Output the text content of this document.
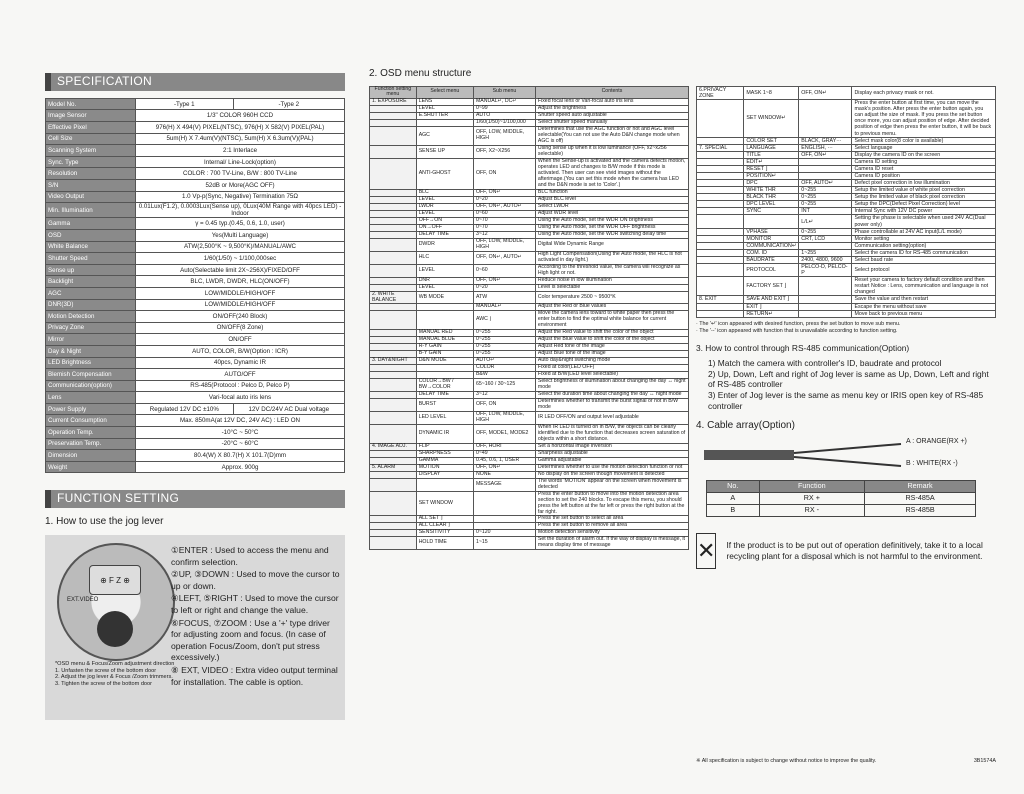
SPECIFICATION
Model No.	-Type 1	-Type 2
Image Sensor	1/3" COLOR 960H CCD	
Effective Pixel	976(H) X 494(V) PIXEL(NTSC), 976(H) X 582(V) PIXEL(PAL)	
Cell Size	5um(H) X 7.4um(V)(NTSC), 5um(H) X 6.3um(V)(PAL)	
Scanning System	2:1 Interlace	
Sync. Type	Internal/ Line-Lock(option)	
Resolution	COLOR : 700 TV-Line, B/W : 800 TV-Line	
S/N	52dB or More(AGC OFF)	
Video Output	1.0 Vp-p(Sync, Negative) Termination 75Ω	
Min. Illumination	0.01Lux(F1.2), 0.0003Lux(Sense up), 0Lux(40M Range with 40pcs LED) - Indoor	
Gamma	γ = 0.45 typ.(0.45, 0.6, 1.0, user)	
OSD	Yes(Multi Language)	
White Balance	ATW(2,500°K ~ 9,500°K)/MANUAL/AWC	
Shutter Speed	1/60(1/50) ~ 1/100,000sec	
Sense up	Auto(Selectable limit 2X~256X)/FIXED/OFF	
Backlight	BLC, LWDR, DWDR, HLC(ON/OFF)	
AGC	LOW/MIDDLE/HIGH/OFF	
DNR(3D)	LOW/MIDDLE/HIGH/OFF	
Motion Detection	ON/OFF(240 Block)	
Privacy Zone	ON/OFF(8 Zone)	
Mirror	ON/OFF	
Day & Night	AUTO, COLOR, B/W(Option : ICR)	
LED Brightness	40pcs, Dynamic IR	
Blemish Compensation	AUTO/OFF	
Communication(option)	RS-485(Protocol : Pelco D, Pelco P)	
Lens	Vari-focal auto iris lens	
Power Supply	Regulated 12V DC ±10%	12V DC/24V AC Dual voltage
Current Consumption	Max. 850mA(at 12V DC, 24V AC) : LED ON	
Operation Temp.	-10°C ~ 50°C	
Preservation Temp.	-20°C ~ 60°C	
Dimension	80.4(W) X 80.7(H) X 101.7(D)mm	
Weight	Approx. 900g	
FUNCTION SETTING
1. How to use the jog lever
⊕ F Z ⊕
EXT.VIDEO
①ENTER : Used to access the menu and confirm selection.
②UP, ③DOWN : Used to move the cursor to up or down.
④LEFT, ⑤RIGHT : Used to move the cursor to left or right and change the value.
⑥FOCUS, ⑦ZOOM : Use a '+' type driver for adjusting zoom and focus. (In case of operation Focus/Zoom, don't put stress excessively.)
⑧ EXT, VIDEO : Extra video output terminal for installation. The cable is option.
*OSD menu & Focus/Zoom adjustment direction
1. Unfasten the screw of the bottom door
2. Adjust the jog lever & Focus /Zoom trimmers.
3. Tighten the screw of the bottom door
2. OSD menu structure
Function setting menu	Select menu	Sub menu	Contents
1. EXPOSURE	LENS	MANUAL↵, DC↵	Fixed focal lens or Vari-focal auto iris lens
	LEVEL	0~99	Adjust the brightness
	E.SHUTTER	AUTO	Shutter speed auto adjustable
		1/60(1/50)~1/100,000	Select shutter speed manually
	AGC	OFF, LOW, MIDDLE, HIGH	Determines that use the AGC function or not and AGC level selectable(You can not use the Auto D&N change mode when AGC is off)
	SENSE UP	OFF, X2~X256	Using sense up when it is low luminance (OFF, x2~x256 selectable)
	ANTI-GHOST	OFF, ON	When the Sense-up is activated and the camera detects motion, operates LED and changes to B/W mode if this mode is activated. Then user can see vivid images without the afterimage.(You can set this mode when the camera has LED and the D&N mode is set to 'Color'.)
	BLC	OFF, ON↵	BLC function
	LEVEL	0~20	Adjust BLC level
	LWDR	OFF, ON↵, AUTO↵	Select LWDR
	LEVEL	0~60	Adjust WDR level
	OFF→ON	0~70	Using the Auto mode, set the WDR ON brightness
	ON→OFF	0~70	Using the Auto mode, set the WDR OFF brightness
	DELAY TIME	3~12	Using the Auto mode, set the WDR switching delay time
	DWDR	OFF, LOW, MIDDLE, HIGH	Digital Wide Dynamic Range
	HLC	OFF, ON↵, AUTO↵	High Light Compensation(Using the Auto mode, the HLC is not activated in day light.)
	LEVEL	0~60	According to the threshold value, the camera will recognize as High light or not.
	DNR	OFF, ON↵	Reduce noise in low illumination
	LEVEL	0~20	Level is selectable
2. WHITE BALANCE	WB MODE	ATW	Color temperature 2500 ~ 9500°K
		MANUAL↵	Adjust the Red or Blue values
		AWC ⌋	Move the camera lens toward to white paper then press the enter button to find the optimal white balance for current environment
	MANUAL RED	0~255	Adjust the Red value to shift the color of the object
	MANUAL BLUE	0~255	Adjust the Blue value to shift the color of the object
	R-Y GAIN	0~255	Adjust Red tone of the image
	B-Y GAIN	0~255	Adjust Blue tone of the image
3. DAY&NIGHT	D&N MODE	AUTO↵	Auto day&night switching mode
		COLOR	Fixed at color(LED OFF)
		B&W	Fixed at B/W(LED level selectable)
	COLOR→BW / BW→COLOR	65~160 / 30~125	Select brightness of illumination about changing the day ↔ night mode
	DELAY TIME	3~12	Select the duration time about changing the day ↔ night mode
	BURST	OFF, ON	Determines whether to transmit the burst signal or not in B/W mode
	LED LEVEL	OFF, LOW, MIDDLE, HIGH	IR LED OFF/ON and output level adjustable
	DYNAMIC IR	OFF, MODE1, MODE2	When IR LED is turned on in B/W, the objects can be clearly identified due to the function that decreases screen saturation of objects within a short distance.
4. IMAGE ADJ.	FLIP	OFF, HORI	Set a horizontal image inversion
	SHARPNESS	0~49	Sharpness adjustable
	GAMMA	0.45, 0.6, 1, USER	Gamma adjustable
5. ALARM	MOTION	OFF, ON↵	Determines whether to use the motion detection function or not
	DISPLAY	NONE	No display on the screen though movement is detected
		MESSAGE	The words 'MOTION' appear on the screen when movement is detected
	SET WINDOW		Press the enter button to move into the motion detection area section to set the 240 blocks. To escape this menu, you should press the left button at the far left or press the right button at the far right.
	ALL SET ⌋		Press the set button to select all area
	ALL CLEAR ⌋		Press the set button to remove all area
	SENSITIVITY	0~120	Motion detection sensitivity
	HOLD TIME	1~15	Set the duration of alarm out. If the way of display is message, it means display time of message
6.PRIVACY ZONE	MASK 1~8	OFF, ON↵	Display each privacy mask or not.
	SET WINDOW↵		Press the enter button at first time, you can move the mask's position. After press the enter button again, you can adjust the size of mask. If you press the set button once more, you can adjust position of edge. After decided position of edge then press the enter button, it will be back to previous menu.
	COLOR SET	BLACK, GRAY···	Select mask color(8 color is available)
7. SPECIAL	LANGUAGE	ENGLISH, ···	Select language
	TITLE	OFF, ON↵	Display the camera ID on the screen
	EDIT↵		Camera ID setting
	RESET ⌋		Camera ID reset
	POSITION↵		Camera ID position
	DPC	OFF, AUTO↵	Defect pixel correction in low illumination
	WHITE THR	0~255	Setup the limited value of white pixel correction
	BLACK THR	0~255	Setup the limited value of black pixel correction
	DPC LEVEL	0~255	Setup the DPC(Defect Pixel Correction) level
	SYNC	INT	Internal Sync with 12V DC power
		L/L↵	Setting the phase is selectable when used 24V AC(Dual power only)
	VPHASE	0~255	Phase controllable at 24V AC input(L/L mode)
	MONITOR	CRT, LCD	Monitor setting
	COMMUNICATION↵		Communication setting(option)
	COM. ID	1~255	Select the camera ID for RS-485 communication
	BAUDRATE	2400, 4800, 9600	Select baud rate
	PROTOCOL	PELCO-D, PELCO-P	Select protocol
	FACTORY SET ⌋		Reset your camera to factory default condition and then restart Notice : Lens, communication and language is not changed
8. EXIT	SAVE AND EXIT ⌋		Save the value and then restart
	EXIT ⌋		Escape the menu without save
	RETURN↵		Move back to previous menu
· The '↵' icon appeared with desired function, press the set button to move sub menu.
· The '--' icon appeared with function that is unavailable according to function setting.
3. How to control through RS-485 communication(Option)
1) Match the camera with controller's ID, baudrate and protocol
2) Up, Down, Left and right of Jog lever is same as Up, Down, Left and right of RS-485 controller
3) Enter of Jog lever is the same as menu key or IRIS open key of RS-485 controller
4. Cable array(Option)
A : ORANGE(RX +)
B : WHITE(RX -)
No.	Function	Remark
A	RX +	RS-485A
B	RX -	RS-485B
✕ If the product is to be put out of operation definitively, take it to a local recycling plant for a disposal which is not harmful to the environment.
※ All specification is subject to change without notice to improve the quality.	3B1574A
